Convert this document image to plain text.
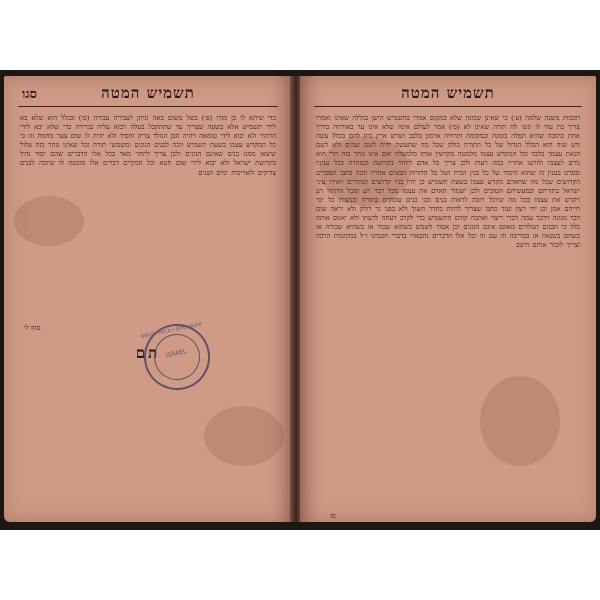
תשמיש המטה
סגו
כדי שיהא לו בן מזרו (פ׳) בשל משום באה וניתן לעבירה עבירה (ס׳) ובגלל הוא שלא בא לידי תשמיש אלא בשעה שצריך עד שתתקבל בעלה ויבוא עליה בגרירה כדי שלא יבא לידי הרהור ולא יבוא לידי טומאה ויהיה הבן הנולד צדיק וחסיד ולא יהיה לו שום צער מחמת זה כי כל המקדש עצמו בשעת תשמיש זוכה לבנים הגונים ומשמשי תורה וכל שאינו נזהר בזה עלול שיצאו ממנו בנים שאינם הגונים ולכן צריך ליזהר מאד בכל אלו הדברים שהם יסוד גדול בקדושת ישראל ולא יבוא לידי שום חטא וכל המקיים דברים אלו מובטח לו שיזכה לבנים צדיקים ולאריכות ימים ושנים
סוף ל׳
תם
BIBLIOTHECA • JERUSALEM •
ISRAEL
תשמיש המטה
חכמות משנה שלמה (ע׳) כי שאינן שכונה שלא במקום אמרו בתשמיש הישן בגללה שאינו ואמרו צריך בת עוד לו ונש׳ לה תורה שאינו לא (ס׳) אמר לעולם אינה שלא אינו ער באורחה בדרך אחת כתובה שהיא תפלה בזמנה ובמקומה ותרוויח ארמון בלבב ושרש ארץ כיון להם בכלל עשה ודע שזה הוא הכלל הגדול של כל התורה כולה שכל מה שתעשה יהיה לשם שמים ולא לשם הנאת עצמך בלבד וכל המקדש עצמו מלמטה מקדשין אותו מלמעלה ואם אינו נזהר בזה הרי הוא גורם לעצמו ולזרעו אחריו כמה רעות ולכן צריך כל אדם ליזהר בקדושה ובטהרה בכל עניניו ובפרט בענין זה שהוא היסוד של כל בנין הבית ושל כל הדורות הבאים אחריו והנה כתבו הספרים הקדושים שכל מה שהאדם מקדש עצמו בשעת תשמיש כן יהיו בניו קדושים וטהורים ויאירו עיני ישראל בתורתם ובמעשיהם הטובים ולכן ישמור האדם את עצמו מכל דבר רע ומכל הרהור רע ויקדש את עצמו בכל מה שיוכל ויזכה לראות בנים ובני בנים עוסקים בתורה ובמצות כל ימי חייהם אמן וכן יהי רצון ועוד כתבו שצריך להיות בחדר חשוך ולא בפני נר דולק ולא יראה שום דבר מגונה וידבר עמה דברי ריצוי ואהבה קודם התשמיש כדי לקרב דעתה לדעתו ולא יאנוס אותה כלל כי הבנים הנולדים מאונס אינם הגונים וכן אסור לשמש כשהוא שכור או כשהיא שכורה או כשהם בשנאה או במריבה זה עם זה וכל אלו הדברים נתבארו בדברי חכמינו ז״ל במקומות הרבה וצריך לזכור אותם היטב
סו
